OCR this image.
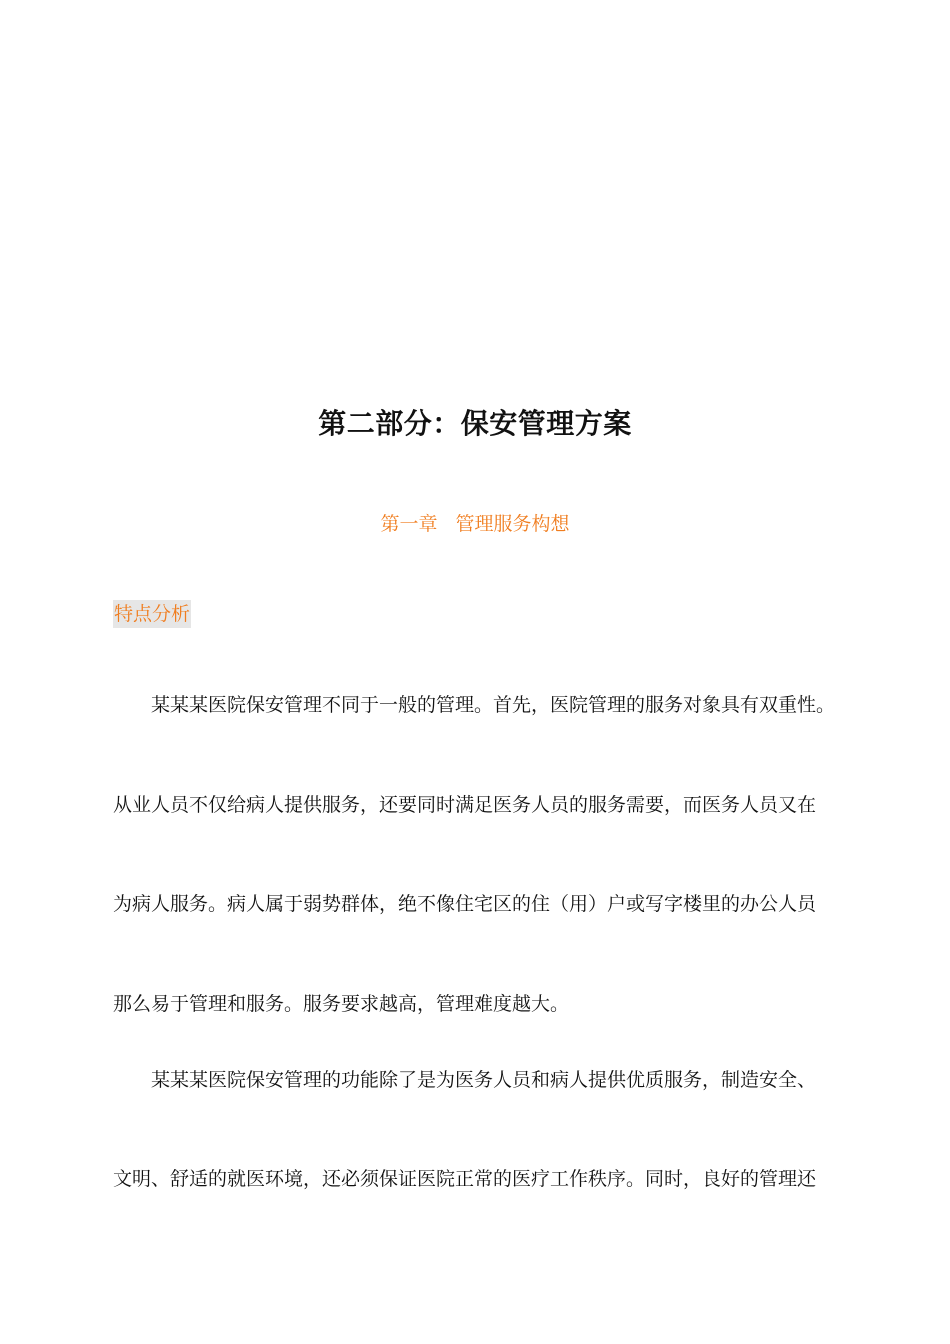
第二部分：保安管理方案
第一章   管理服务构想
特点分析
某某某医院保安管理不同于一般的管理。首先，医院管理的服务对象具有双重性。
从业人员不仅给病人提供服务，还要同时满足医务人员的服务需要，而医务人员又在
为病人服务。病人属于弱势群体，绝不像住宅区的住（用）户或写字楼里的办公人员
那么易于管理和服务。服务要求越高，管理难度越大。
某某某医院保安管理的功能除了是为医务人员和病人提供优质服务，制造安全、
文明、舒适的就医环境，还必须保证医院正常的医疗工作秩序。同时，良好的管理还
